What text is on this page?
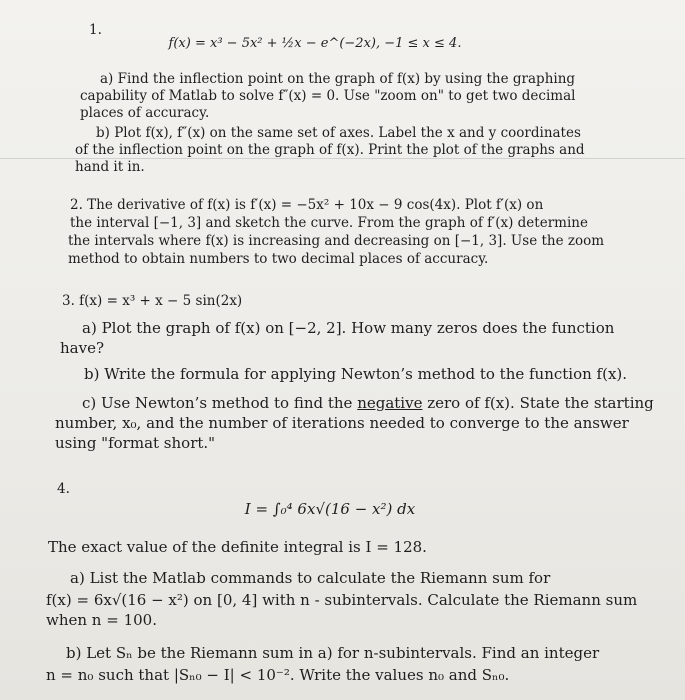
1.
f(x) = x³ − 5x² + ½x − e^(−2x), −1 ≤ x ≤ 4.
a) Find the inflection point on the graph of f(x) by using the graphing
capability of Matlab to solve f″(x) = 0. Use "zoom on" to get two decimal
places of accuracy.
b) Plot f(x), f″(x) on the same set of axes. Label the x and y coordinates
of the inflection point on the graph of f(x). Print the plot of the graphs and
hand it in.
2. The derivative of f(x) is f′(x) = −5x² + 10x − 9 cos(4x). Plot f′(x) on
the interval [−1, 3] and sketch the curve. From the graph of f′(x) determine
the intervals where f(x) is increasing and decreasing on [−1, 3]. Use the zoom
method to obtain numbers to two decimal places of accuracy.
3. f(x) = x³ + x − 5 sin(2x)
a) Plot the graph of f(x) on [−2, 2]. How many zeros does the function
have?
b) Write the formula for applying Newton’s method to the function f(x).
c) Use Newton’s method to find the negative zero of f(x). State the starting
number, x₀, and the number of iterations needed to converge to the answer
using "format short."
4.
I = ∫₀⁴ 6x√(16 − x²) dx
The exact value of the definite integral is I = 128.
a) List the Matlab commands to calculate the Riemann sum for
f(x) = 6x√(16 − x²) on [0, 4] with n - subintervals. Calculate the Riemann sum
when n = 100.
b) Let Sₙ be the Riemann sum in a) for n-subintervals. Find an integer
n = n₀ such that |Sₙ₀ − I| < 10⁻². Write the values n₀ and Sₙ₀.
